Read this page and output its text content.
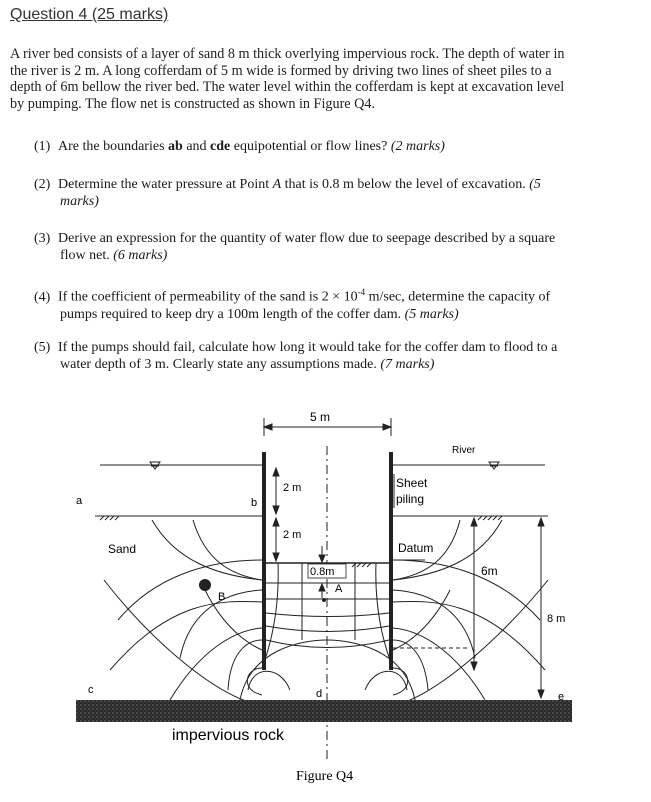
Question 4 (25 marks)
A river bed consists of a layer of sand 8 m thick overlying impervious rock. The depth of water in
the river is 2 m. A long cofferdam of 5 m wide is formed by driving two lines of sheet piles to a
depth of 6m bellow the river bed. The water level within the cofferdam is kept at excavation level
by pumping. The flow net is constructed as shown in Figure Q4.
(1) Are the boundaries ab and cde equipotential or flow lines? (2 marks)
(2) Determine the water pressure at Point A that is 0.8 m below the level of excavation. (5
marks)
(3) Derive an expression for the quantity of water flow due to seepage described by a square
flow net. (6 marks)
(4) If the coefficient of permeability of the sand is $2 \times 10^{-4}$ m/sec, determine the capacity of
pumps required to keep dry a 100m length of the coffer dam. (5 marks)
(5) If the pumps should fail, calculate how long it would take for the coffer dam to flood to a
water depth of 3 m. Clearly state any assumptions made. (7 marks)
5 m
River
Sheet
piling
2 m
2 m
a	b
Sand	Datum
0.8m
A
6m
8 m
B
c	d	e
impervious rock
Figure Q4
